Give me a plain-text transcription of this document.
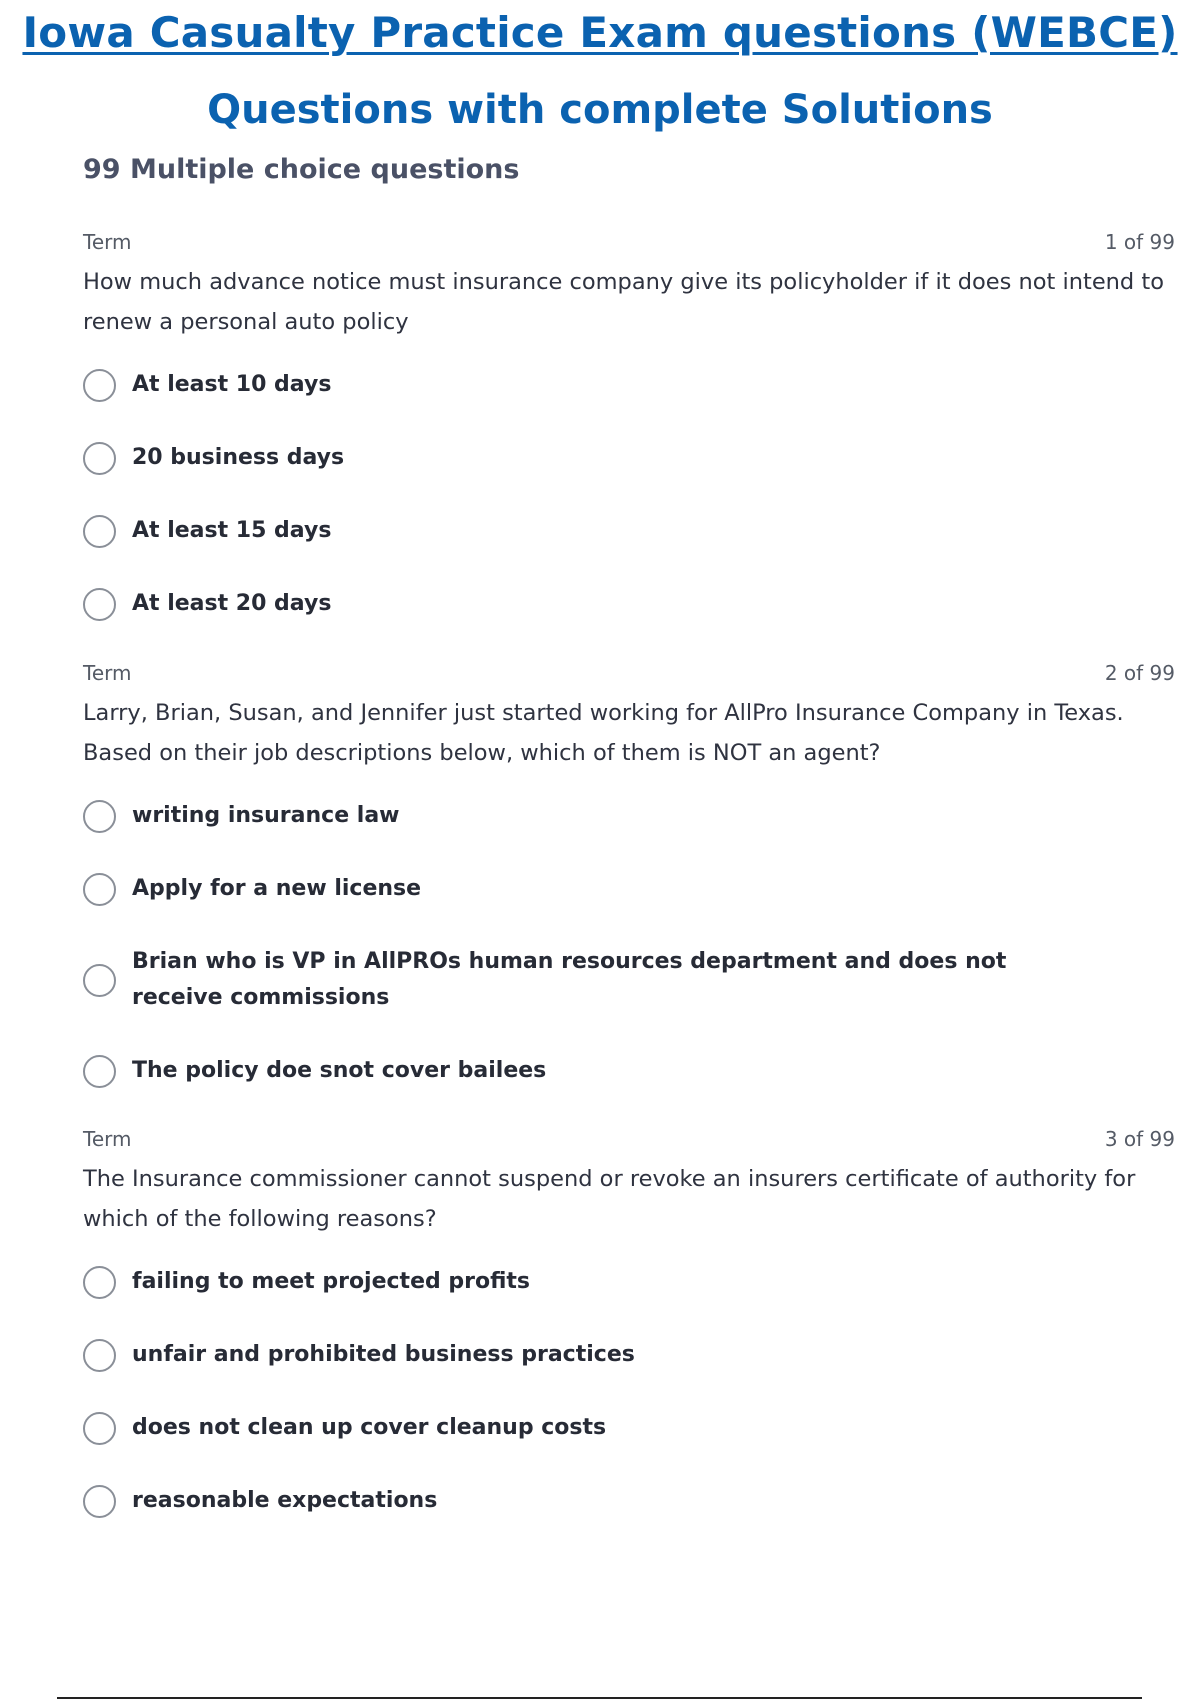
Iowa Casualty Practice Exam questions (WEBCE)
Questions with complete Solutions
99 Multiple choice questions
Term	1 of 99
How much advance notice must insurance company give its policyholder if it does not intend to renew a personal auto policy
At least 10 days
20 business days
At least 15 days
At least 20 days
Term	2 of 99
Larry, Brian, Susan, and Jennifer just started working for AllPro Insurance Company in Texas. Based on their job descriptions below, which of them is NOT an agent?
writing insurance law
Apply for a new license
Brian who is VP in AllPROs human resources department and does not receive commissions
The policy doe snot cover bailees
Term	3 of 99
The Insurance commissioner cannot suspend or revoke an insurers certificate of authority for which of the following reasons?
failing to meet projected profits
unfair and prohibited business practices
does not clean up cover cleanup costs
reasonable expectations
